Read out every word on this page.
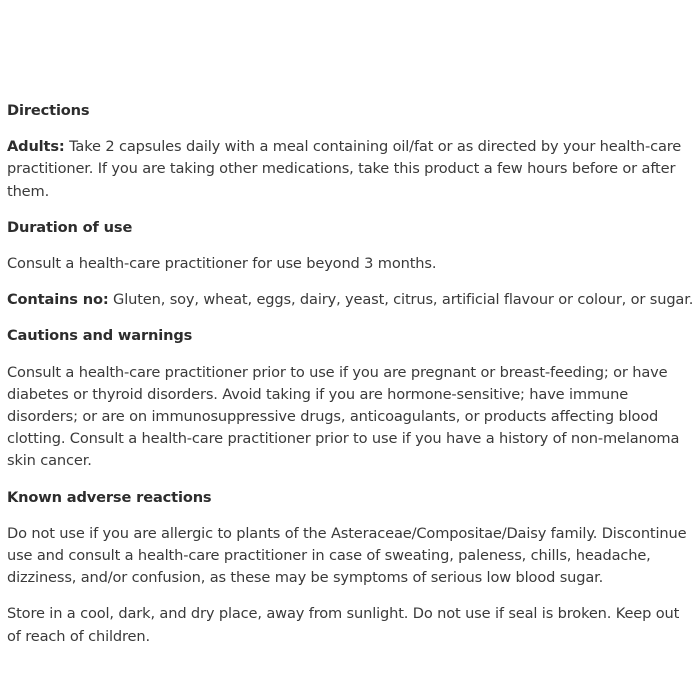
Directions
Adults: Take 2 capsules daily with a meal containing oil/fat or as directed by your health-care practitioner. If you are taking other medications, take this product a few hours before or after them.
Duration of use
Consult a health-care practitioner for use beyond 3 months.
Contains no: Gluten, soy, wheat, eggs, dairy, yeast, citrus, artificial flavour or colour, or sugar.
Cautions and warnings
Consult a health-care practitioner prior to use if you are pregnant or breast-feeding; or have diabetes or thyroid disorders. Avoid taking if you are hormone-sensitive; have immune disorders; or are on immunosuppressive drugs, anticoagulants, or products affecting blood clotting. Consult a health-care practitioner prior to use if you have a history of non-melanoma skin cancer.
Known adverse reactions
Do not use if you are allergic to plants of the Asteraceae/Compositae/Daisy family. Discontinue use and consult a health-care practitioner in case of sweating, paleness, chills, headache, dizziness, and/or confusion, as these may be symptoms of serious low blood sugar.
Store in a cool, dark, and dry place, away from sunlight. Do not use if seal is broken. Keep out of reach of children.
